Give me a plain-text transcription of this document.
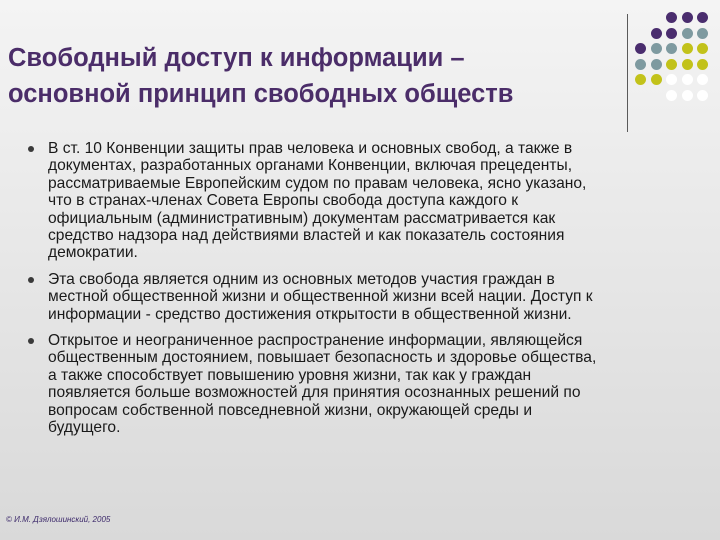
Свободный доступ к информации –
основной принцип свободных обществ
В ст. 10 Конвенции защиты прав человека и основных свобод, а также в
документах, разработанных органами Конвенции, включая прецеденты,
рассматриваемые Европейским судом по правам человека, ясно указано,
что в странах-членах Совета Европы свобода доступа каждого к
официальным (административным) документам рассматривается как
средство надзора над действиями властей и как показатель состояния
демократии.
Эта свобода является одним из основных методов участия граждан в
местной общественной жизни и общественной жизни всей нации. Доступ к
информации - средство достижения открытости в общественной жизни.
Открытое и неограниченное распространение информации, являющейся
общественным достоянием, повышает безопасность и здоровье общества,
а также способствует повышению уровня жизни, так как у граждан
появляется больше возможностей для принятия осознанных решений по
вопросам собственной повседневной жизни, окружающей среды и
будущего.
© И.М. Дзялошинский, 2005
